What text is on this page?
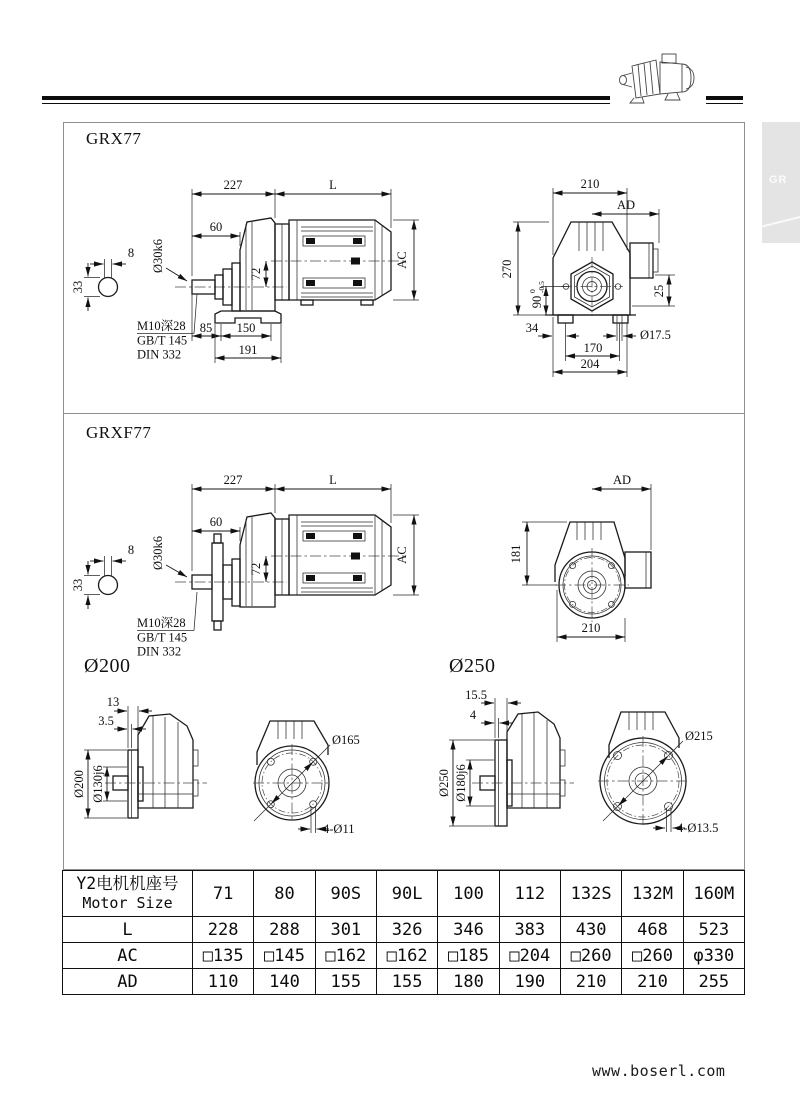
GR
GRX77
GRXF77
Ø200	Ø250
8
33
227	L
60
Ø30k6
72
AC
M10深28
GB/T 145
DIN 332
85 150
191
210
AD
270
90
0 -0.5	25
34	Ø17.5
170
204
8
33
227	L
60
Ø30k6	72
AC
M10深28
GB/T 145
DIN 332
AD
181
210
Ø200 Ø130j6
13
3.5
Ø165
4-Ø11
Ø250 Ø180j6
15.5
4
Ø215
4-Ø13.5
Y2电机机座号
Motor Size	71	80	90S	90L	100	112	132S	132M	160M
L	228	288	301	326	346	383	430	468	523
AC	□135	□145	□162	□162	□185	□204	□260	□260	φ330
AD	110	140	155	155	180	190	210	210	255
www.boserl.com
